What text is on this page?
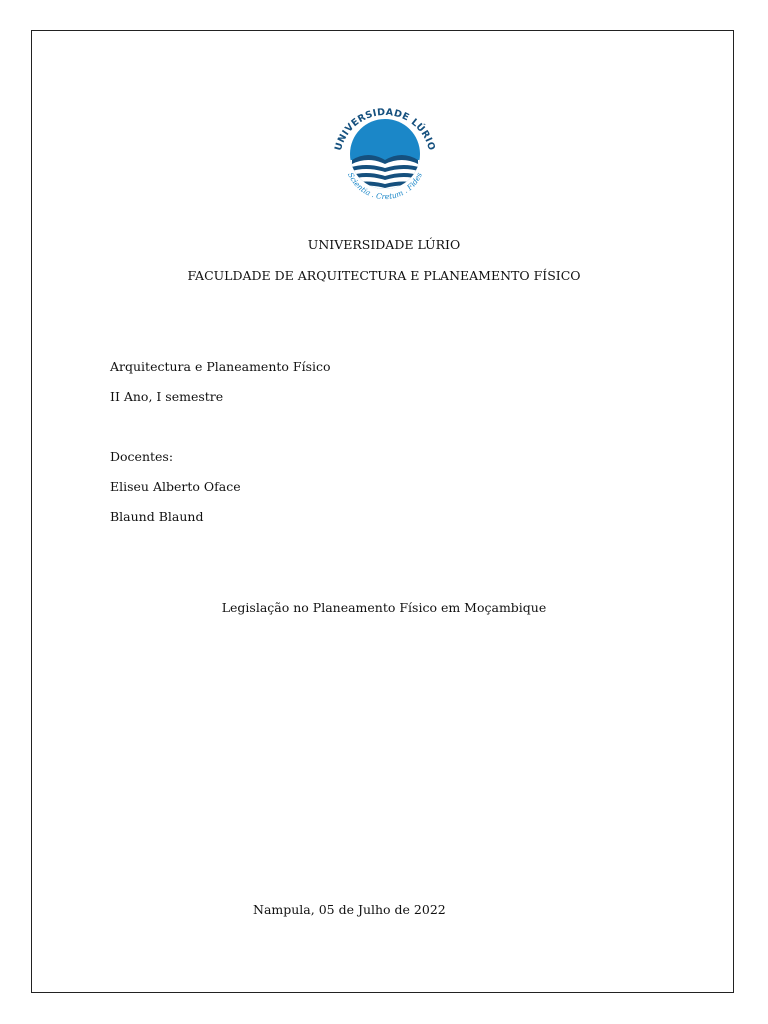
UNIVERSIDADE LÚRIO
Scientia . Cretum . Fides
UNIVERSIDADE LÚRIO
FACULDADE DE ARQUITECTURA E PLANEAMENTO FÍSICO
Arquitectura e Planeamento Físico
II Ano, I semestre
Docentes:
Eliseu Alberto Oface
Blaund Blaund
Legislação no Planeamento Físico em Moçambique
Nampula, 05 de Julho de 2022
